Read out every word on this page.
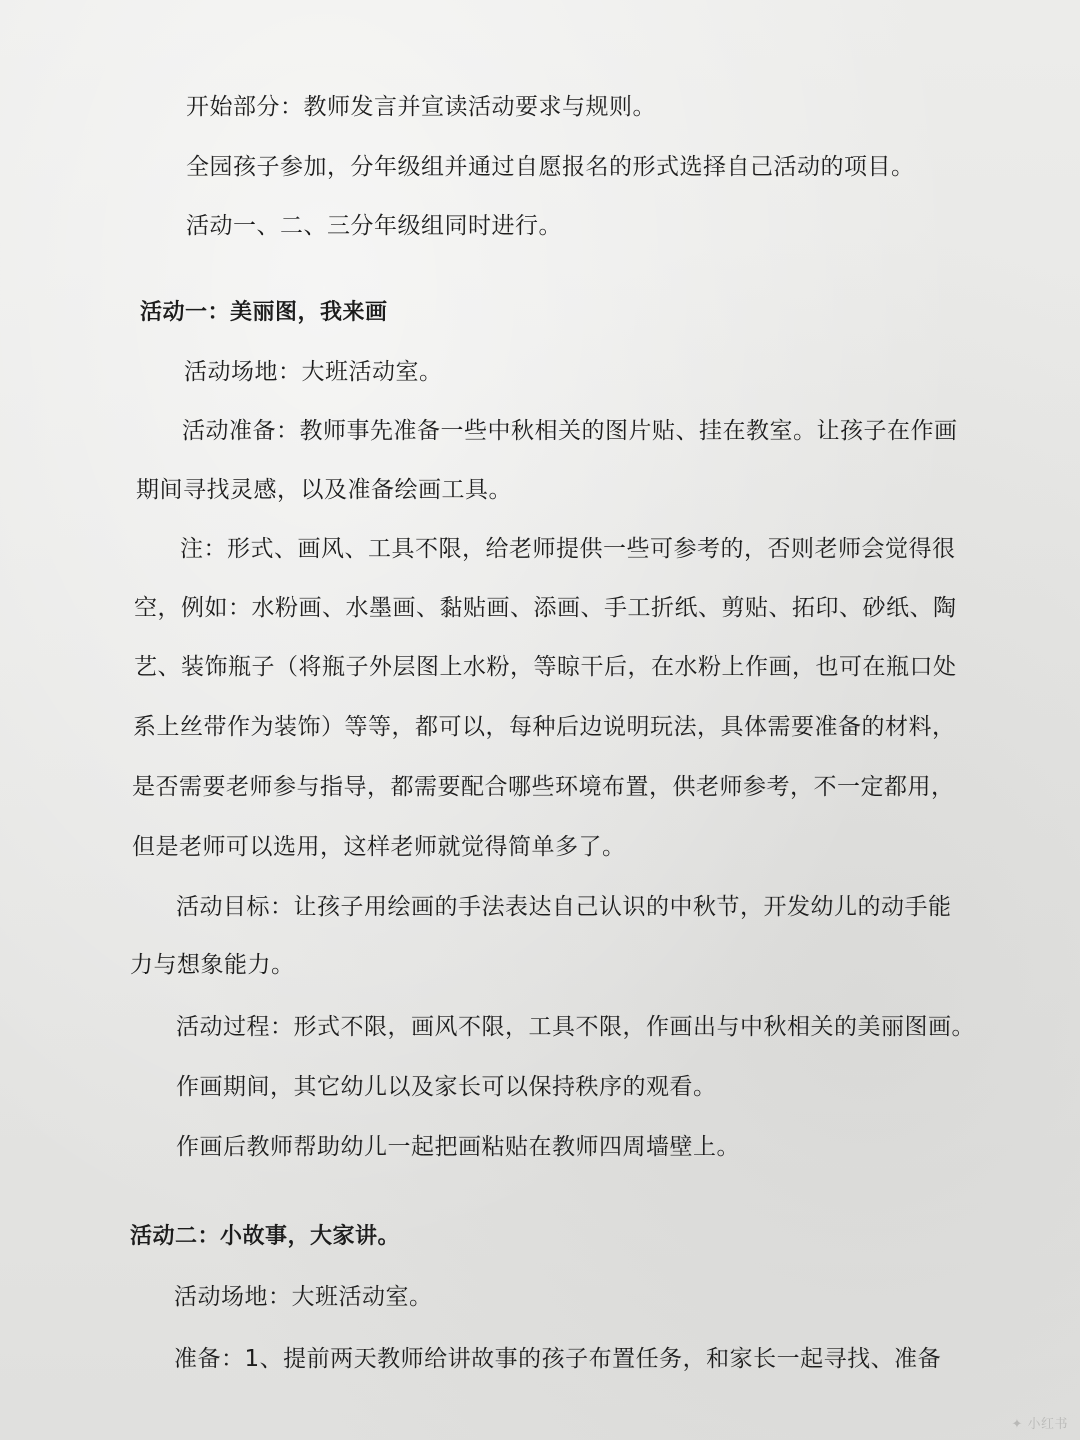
开始部分：教师发言并宣读活动要求与规则。
全园孩子参加，分年级组并通过自愿报名的形式选择自己活动的项目。
活动一、二、三分年级组同时进行。
活动一：美丽图，我来画
活动场地：大班活动室。
活动准备：教师事先准备一些中秋相关的图片贴、挂在教室。让孩子在作画
期间寻找灵感，以及准备绘画工具。
注：形式、画风、工具不限，给老师提供一些可参考的，否则老师会觉得很
空，例如：水粉画、水墨画、黏贴画、添画、手工折纸、剪贴、拓印、砂纸、陶
艺、装饰瓶子（将瓶子外层图上水粉，等晾干后，在水粉上作画，也可在瓶口处
系上丝带作为装饰）等等，都可以，每种后边说明玩法，具体需要准备的材料，
是否需要老师参与指导，都需要配合哪些环境布置，供老师参考，不一定都用，
但是老师可以选用，这样老师就觉得简单多了。
活动目标：让孩子用绘画的手法表达自己认识的中秋节，开发幼儿的动手能
力与想象能力。
活动过程：形式不限，画风不限，工具不限，作画出与中秋相关的美丽图画。
作画期间，其它幼儿以及家长可以保持秩序的观看。
作画后教师帮助幼儿一起把画粘贴在教师四周墙壁上。
活动二：小故事，大家讲。
活动场地：大班活动室。
准备：1、提前两天教师给讲故事的孩子布置任务，和家长一起寻找、准备
✦ 小红书
